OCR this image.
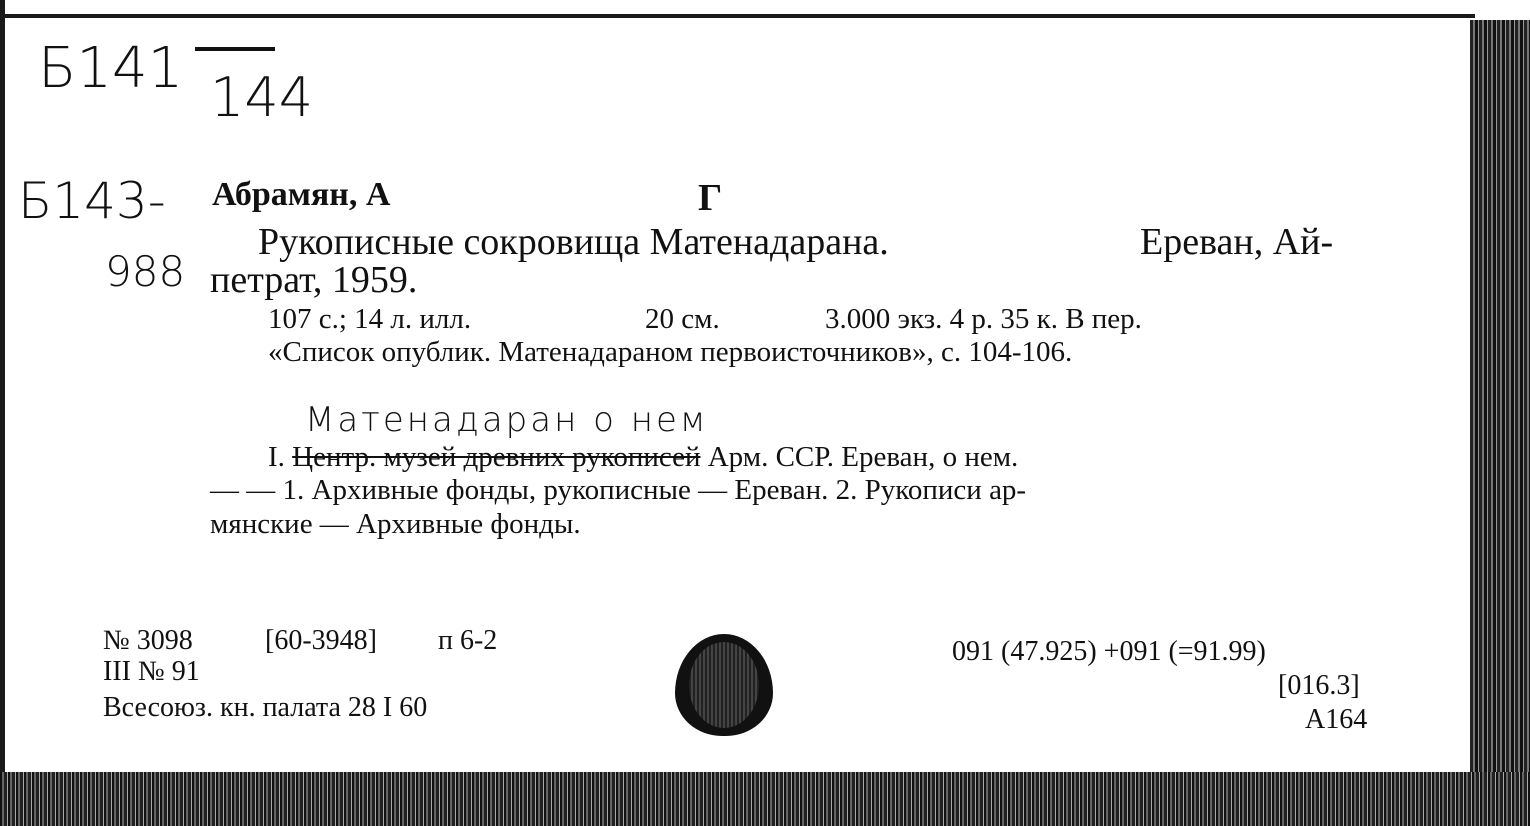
Б141 144
Б143-
988
Абрамян, А	Г
Рукописные сокровища Матенадарана.	Ереван, Ай-
петрат, 1959.
107 с.; 14 л. илл.	20 см.	3.000 экз. 4 р. 35 к. В пер.
«Список опублик. Матенадараном первоисточников», с. 104-106.
Матенадаран о нем
I. Центр. музей древних рукописей Арм. ССР. Ереван, о нем.
— — 1. Архивные фонды, рукописные — Ереван. 2. Рукописи ар-
мянские — Архивные фонды.
№ 3098	[60-3948] п 6-2
III № 91
Всесоюз. кн. палата 28 I 60
091 (47.925) +091 (=91.99)
[016.3]
А164
